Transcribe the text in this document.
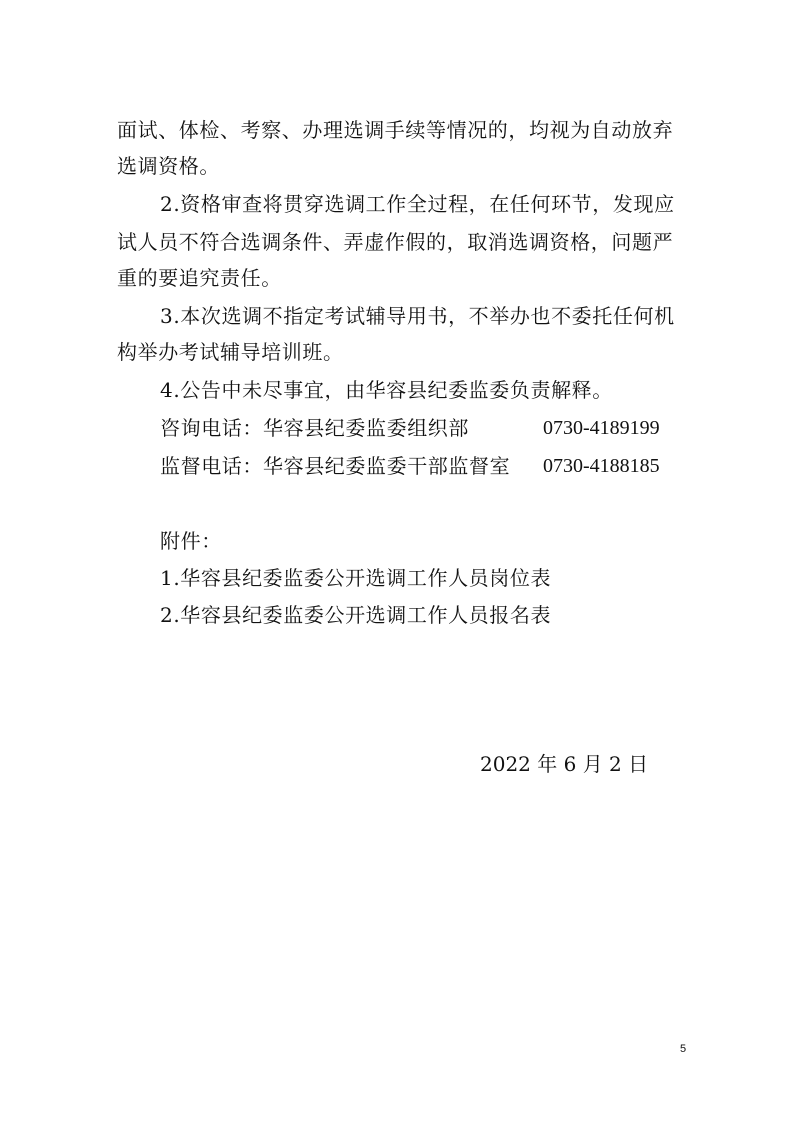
面试、体检、考察、办理选调手续等情况的，均视为自动放弃
选调资格。
2.资格审查将贯穿选调工作全过程，在任何环节，发现应
试人员不符合选调条件、弄虚作假的，取消选调资格，问题严
重的要追究责任。
3.本次选调不指定考试辅导用书，不举办也不委托任何机
构举办考试辅导培训班。
4.公告中未尽事宜，由华容县纪委监委负责解释。
咨询电话：华容县纪委监委组织部	0730-4189199
监督电话：华容县纪委监委干部监督室 0730-4188185
附件：
1.华容县纪委监委公开选调工作人员岗位表
2.华容县纪委监委公开选调工作人员报名表
2022 年 6 月 2 日
5
